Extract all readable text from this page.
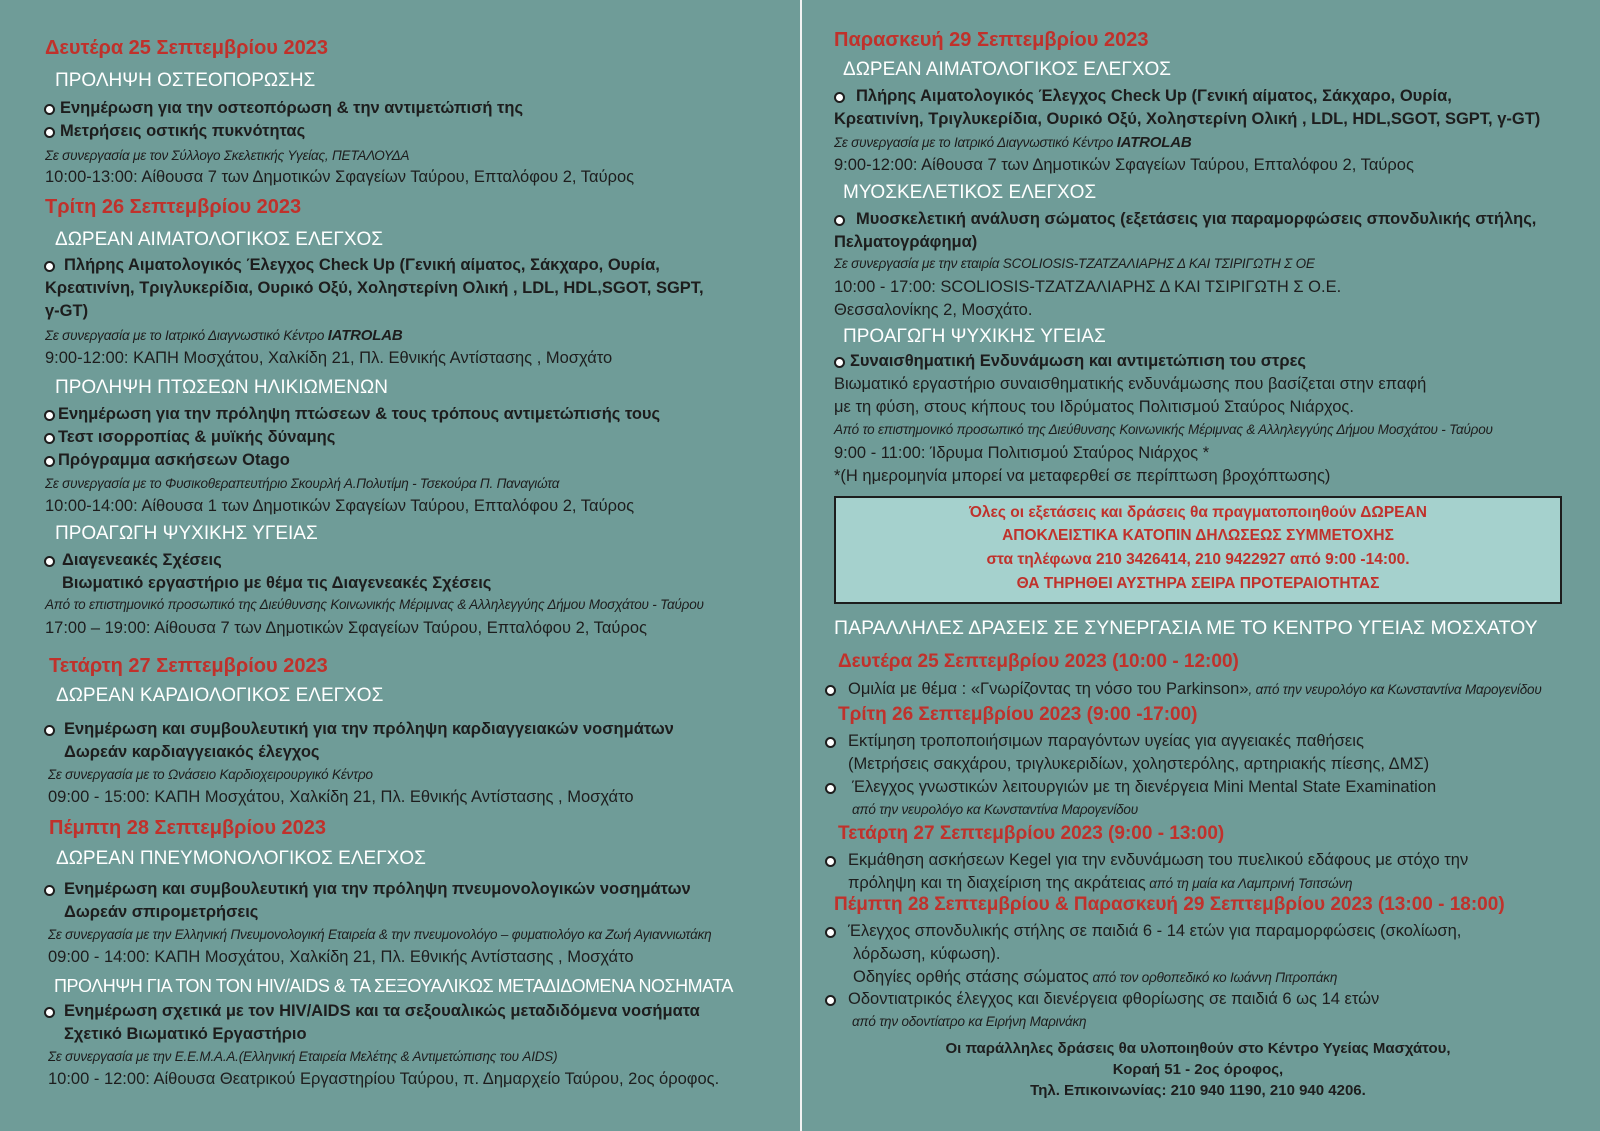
Δευτέρα 25 Σεπτεμβρίου 2023
ΠΡΟΛΗΨΗ ΟΣΤΕΟΠΟΡΩΣΗΣ
Ενημέρωση για την οστεοπόρωση & την αντιμετώπισή της
Μετρήσεις οστικής πυκνότητας
Σε συνεργασία με τον Σύλλογο Σκελετικής Υγείας, ΠΕΤΑΛΟΥΔΑ
10:00-13:00: Αίθουσα 7 των Δημοτικών Σφαγείων Ταύρου, Επταλόφου 2, Ταύρος
Τρίτη 26 Σεπτεμβρίου 2023
ΔΩΡΕΑΝ ΑΙΜΑΤΟΛΟΓΙΚΟΣ ΕΛΕΓΧΟΣ
Πλήρης Αιματολογικός Έλεγχος Check Up (Γενική αίματος, Σάκχαρο, Ουρία,
Κρεατινίνη, Τριγλυκερίδια, Ουρικό Οξύ, Χοληστερίνη Ολική , LDL, HDL,SGOT, SGPT,
γ-GT)
Σε συνεργασία με το Ιατρικό Διαγνωστικό Κέντρο IATROLAB
9:00-12:00: ΚΑΠΗ Μοσχάτου, Χαλκίδη 21, Πλ. Εθνικής Αντίστασης , Μοσχάτο
ΠΡΟΛΗΨΗ ΠΤΩΣΕΩΝ ΗΛΙΚΙΩΜΕΝΩΝ
Ενημέρωση για την πρόληψη πτώσεων & τους τρόπους αντιμετώπισής τους
Τεστ ισορροπίας & μυϊκής δύναμης
Πρόγραμμα ασκήσεων Otago
Σε συνεργασία με το Φυσικοθεραπευτήριο Σκουρλή Α.Πολυτίμη - Τσεκούρα Π. Παναγιώτα
10:00-14:00: Αίθουσα 1 των Δημοτικών Σφαγείων Ταύρου, Επταλόφου 2, Ταύρος
ΠΡΟΑΓΩΓΗ ΨΥΧΙΚΗΣ ΥΓΕΙΑΣ
Διαγενεακές Σχέσεις
Βιωματικό εργαστήριο με θέμα τις Διαγενεακές Σχέσεις
Από το επιστημονικό προσωπικό της Διεύθυνσης Κοινωνικής Μέριμνας & Αλληλεγγύης Δήμου Μοσχάτου - Ταύρου
17:00 – 19:00: Αίθουσα 7 των Δημοτικών Σφαγείων Ταύρου, Επταλόφου 2, Ταύρος
Τετάρτη 27 Σεπτεμβρίου 2023
ΔΩΡΕΑΝ ΚΑΡΔΙΟΛΟΓΙΚΟΣ ΕΛΕΓΧΟΣ
Ενημέρωση και συμβουλευτική για την πρόληψη καρδιαγγειακών νοσημάτων
Δωρεάν καρδιαγγειακός έλεγχος
Σε συνεργασία με το Ωνάσειο Καρδιοχειρουργικό Κέντρο
09:00 - 15:00: ΚΑΠΗ Μοσχάτου, Χαλκίδη 21, Πλ. Εθνικής Αντίστασης , Μοσχάτο
Πέμπτη 28 Σεπτεμβρίου 2023
ΔΩΡΕΑΝ ΠΝΕΥΜΟΝΟΛΟΓΙΚΟΣ ΕΛΕΓΧΟΣ
Ενημέρωση και συμβουλευτική για την πρόληψη πνευμονολογικών νοσημάτων
Δωρεάν σπιρομετρήσεις
Σε συνεργασία με την Ελληνική Πνευμονολογική Εταιρεία & την πνευμονολόγο – φυματιολόγο κα Ζωή Αγιαννιωτάκη
09:00 - 14:00: ΚΑΠΗ Μοσχάτου, Χαλκίδη 21, Πλ. Εθνικής Αντίστασης , Μοσχάτο
ΠΡΟΛΗΨΗ ΓΙΑ ΤΟΝ ΤΟΝ HIV/AIDS & ΤΑ ΣΕΞΟΥΑΛΙΚΩΣ ΜΕΤΑΔΙΔΟΜΕΝΑ ΝΟΣΗΜΑΤΑ
Ενημέρωση σχετικά με τον HIV/AIDS και τα σεξουαλικώς μεταδιδόμενα νοσήματα
Σχετικό Βιωματικό Εργαστήριο
Σε συνεργασία με την Ε.Ε.Μ.Α.Α.(Ελληνική Εταιρεία Μελέτης & Αντιμετώπισης του AIDS)
10:00 - 12:00: Αίθουσα Θεατρικού Εργαστηρίου Ταύρου, π. Δημαρχείο Ταύρου, 2ος όροφος.
Παρασκευή 29 Σεπτεμβρίου 2023
ΔΩΡΕΑΝ ΑΙΜΑΤΟΛΟΓΙΚΟΣ ΕΛΕΓΧΟΣ
Πλήρης Αιματολογικός Έλεγχος Check Up (Γενική αίματος, Σάκχαρο, Ουρία,
Κρεατινίνη, Τριγλυκερίδια, Ουρικό Οξύ, Χοληστερίνη Ολική , LDL, HDL,SGOT, SGPT, γ-GT)
Σε συνεργασία με το Ιατρικό Διαγνωστικό Κέντρο IATROLAB
9:00-12:00: Αίθουσα 7 των Δημοτικών Σφαγείων Ταύρου, Επταλόφου 2, Ταύρος
ΜΥΟΣΚΕΛΕΤΙΚΟΣ ΕΛΕΓΧΟΣ
Μυοσκελετική ανάλυση σώματος (εξετάσεις για παραμορφώσεις σπονδυλικής στήλης,
Πελματογράφημα)
Σε συνεργασία με την εταιρία SCOLIOSIS-ΤΖΑΤΖΑΛΙΑΡΗΣ Δ ΚΑΙ ΤΣΙΡΙΓΩΤΗ Σ ΟΕ
10:00 - 17:00: SCOLIOSIS-ΤΖΑΤΖΑΛΙΑΡΗΣ Δ ΚΑΙ ΤΣΙΡΙΓΩΤΗ Σ Ο.Ε.
Θεσσαλονίκης 2, Μοσχάτο.
ΠΡΟΑΓΩΓΗ ΨΥΧΙΚΗΣ ΥΓΕΙΑΣ
Συναισθηματική Ενδυνάμωση και αντιμετώπιση του στρες
Βιωματικό εργαστήριο συναισθηματικής ενδυνάμωσης που βασίζεται στην επαφή
με τη φύση, στους κήπους του Ιδρύματος Πολιτισμού Σταύρος Νιάρχος.
Από το επιστημονικό προσωπικό της Διεύθυνσης Κοινωνικής Μέριμνας & Αλληλεγγύης Δήμου Μοσχάτου - Ταύρου
9:00 - 11:00: Ίδρυμα Πολιτισμού Σταύρος Νιάρχος *
*(Η ημερομηνία μπορεί να μεταφερθεί σε περίπτωση βροχόπτωσης)
Όλες οι εξετάσεις και δράσεις θα πραγματοποιηθούν ΔΩΡΕΑΝ
ΑΠΟΚΛΕΙΣΤΙΚΑ ΚΑΤΟΠΙΝ ΔΗΛΩΣΕΩΣ ΣΥΜΜΕΤΟΧΗΣ
στα τηλέφωνα 210 3426414, 210 9422927 από 9:00 -14:00.
ΘΑ ΤΗΡΗΘΕΙ ΑΥΣΤΗΡΑ ΣΕΙΡΑ ΠΡΟΤΕΡΑΙΟΤΗΤΑΣ
ΠΑΡΑΛΛΗΛΕΣ ΔΡΑΣΕΙΣ ΣΕ ΣΥΝΕΡΓΑΣΙΑ ΜΕ ΤΟ ΚΕΝΤΡΟ ΥΓΕΙΑΣ ΜΟΣΧΑΤΟΥ
Δευτέρα 25 Σεπτεμβρίου 2023 (10:00 - 12:00)
Ομιλία με θέμα : «Γνωρίζοντας τη νόσο του Parkinson», από την νευρολόγο κα Κωνσταντίνα Μαρογενίδου
Τρίτη 26 Σεπτεμβρίου 2023 (9:00 -17:00)
Εκτίμηση τροποποιήσιμων παραγόντων υγείας για αγγειακές παθήσεις
(Μετρήσεις σακχάρου, τριγλυκεριδίων, χοληστερόλης, αρτηριακής πίεσης, ΔΜΣ)
Έλεγχος γνωστικών λειτουργιών με τη διενέργεια Mini Mental State Examination
από την νευρολόγο κα Κωνσταντίνα Μαρογενίδου
Τετάρτη 27 Σεπτεμβρίου 2023 (9:00 - 13:00)
Εκμάθηση ασκήσεων Kegel για την ενδυνάμωση του πυελικού εδάφους με στόχο την
πρόληψη και τη διαχείριση της ακράτειας από τη μαία κα Λαμπρινή Τσιτσώνη
Πέμπτη 28 Σεπτεμβρίου & Παρασκευή 29 Σεπτεμβρίου 2023 (13:00 - 18:00)
Έλεγχος σπονδυλικής στήλης σε παιδιά 6 - 14 ετών για παραμορφώσεις (σκολίωση,
λόρδωση, κύφωση).
Οδηγίες ορθής στάσης σώματος από τον ορθοπεδικό κο Ιωάννη Πιτροπάκη
Οδοντιατρικός έλεγχος και διενέργεια φθορίωσης σε παιδιά 6 ως 14 ετών
από την οδοντίατρο κα Ειρήνη Μαρινάκη
Οι παράλληλες δράσεις θα υλοποιηθούν στο Κέντρο Υγείας Μασχάτου,
Κοραή 51 - 2ος όροφος,
Τηλ. Επικοινωνίας: 210 940 1190, 210 940 4206.
